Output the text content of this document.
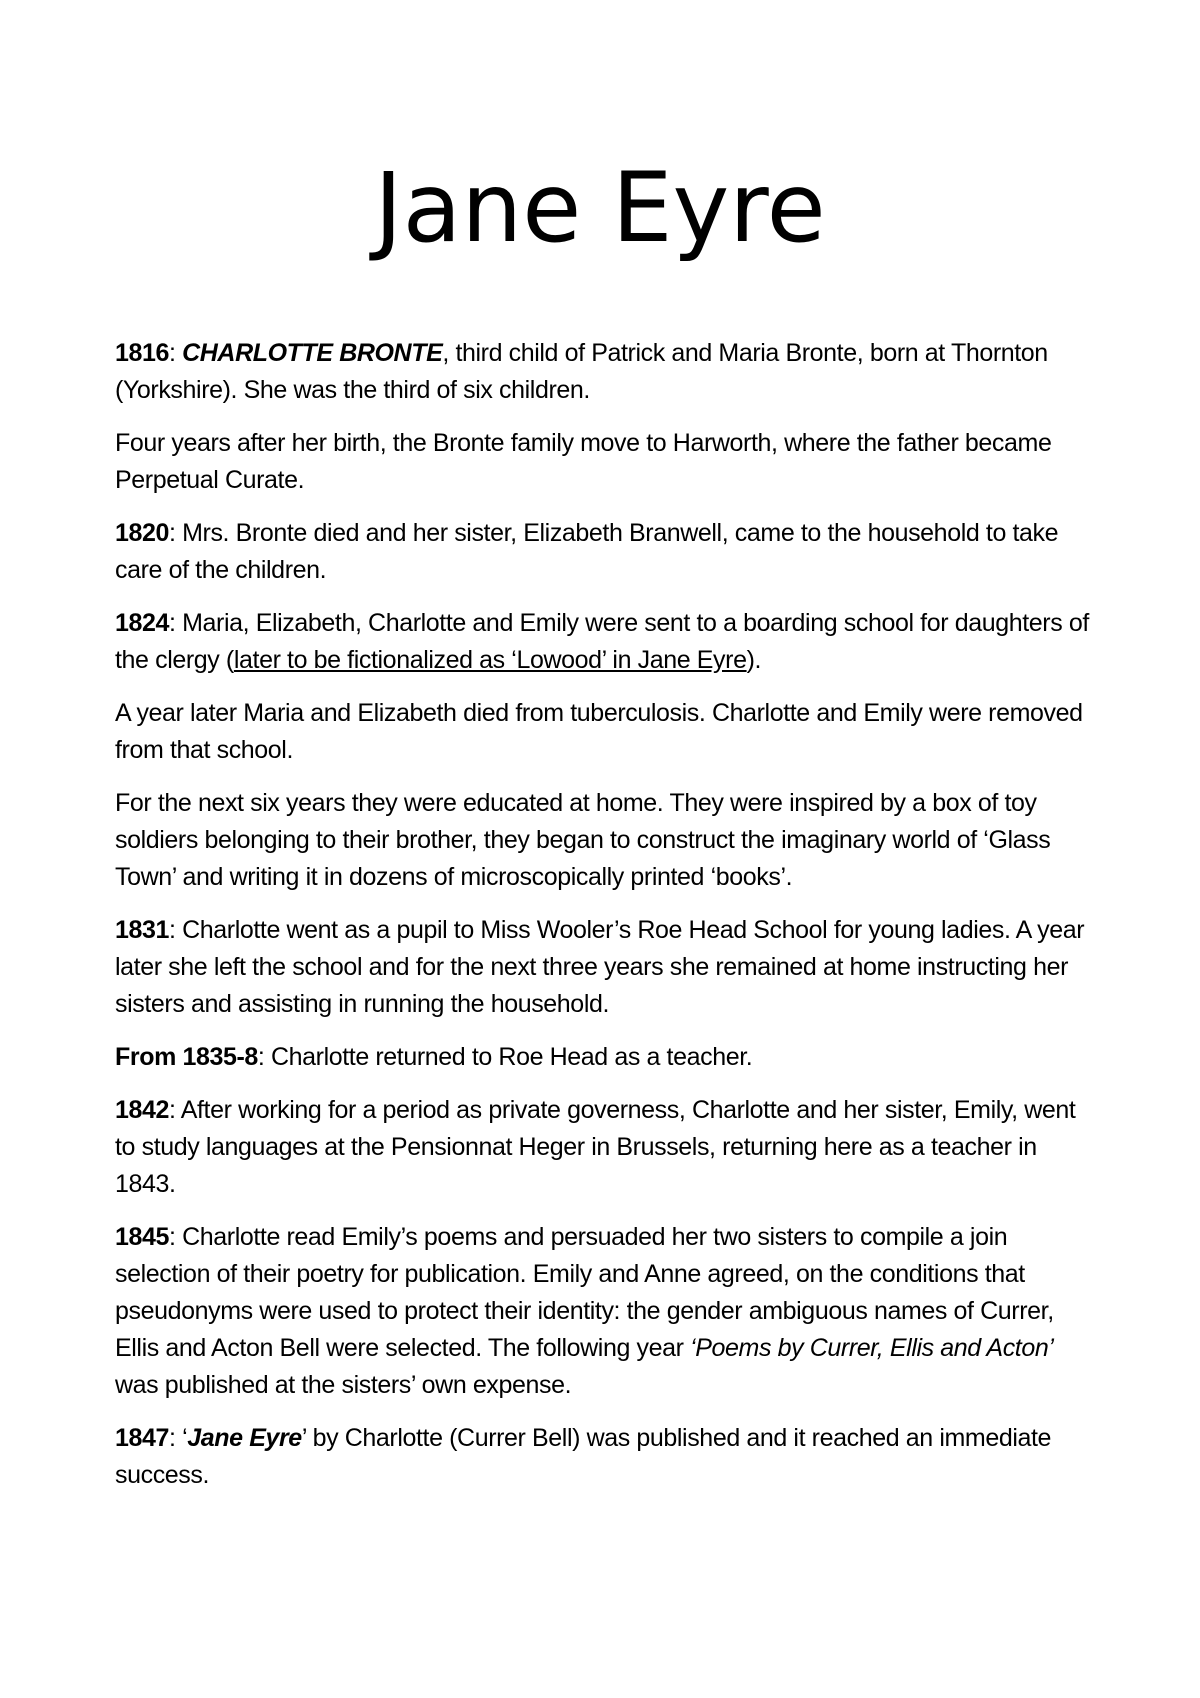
Jane Eyre

1816: CHARLOTTE BRONTE, third child of Patrick and Maria Bronte, born at Thornton (Yorkshire). She was the third of six children.

Four years after her birth, the Bronte family move to Harworth, where the father became Perpetual Curate.

1820: Mrs. Bronte died and her sister, Elizabeth Branwell, came to the household to take care of the children.

1824: Maria, Elizabeth, Charlotte and Emily were sent to a boarding school for daughters of the clergy (later to be fictionalized as ‘Lowood’ in Jane Eyre).

A year later Maria and Elizabeth died from tuberculosis. Charlotte and Emily were removed from that school.

For the next six years they were educated at home. They were inspired by a box of toy soldiers belonging to their brother, they began to construct the imaginary world of ‘Glass Town’ and writing it in dozens of microscopically printed ‘books’.

1831: Charlotte went as a pupil to Miss Wooler’s Roe Head School for young ladies. A year later she left the school and for the next three years she remained at home instructing her sisters and assisting in running the household.

From 1835-8: Charlotte returned to Roe Head as a teacher.

1842: After working for a period as private governess, Charlotte and her sister, Emily, went to study languages at the Pensionnat Heger in Brussels, returning here as a teacher in 1843.

1845: Charlotte read Emily’s poems and persuaded her two sisters to compile a join selection of their poetry for publication. Emily and Anne agreed, on the conditions that pseudonyms were used to protect their identity: the gender ambiguous names of Currer, Ellis and Acton Bell were selected. The following year ‘Poems by Currer, Ellis and Acton’ was published at the sisters’ own expense.

1847: ‘Jane Eyre’ by Charlotte (Currer Bell) was published and it reached an immediate success.
